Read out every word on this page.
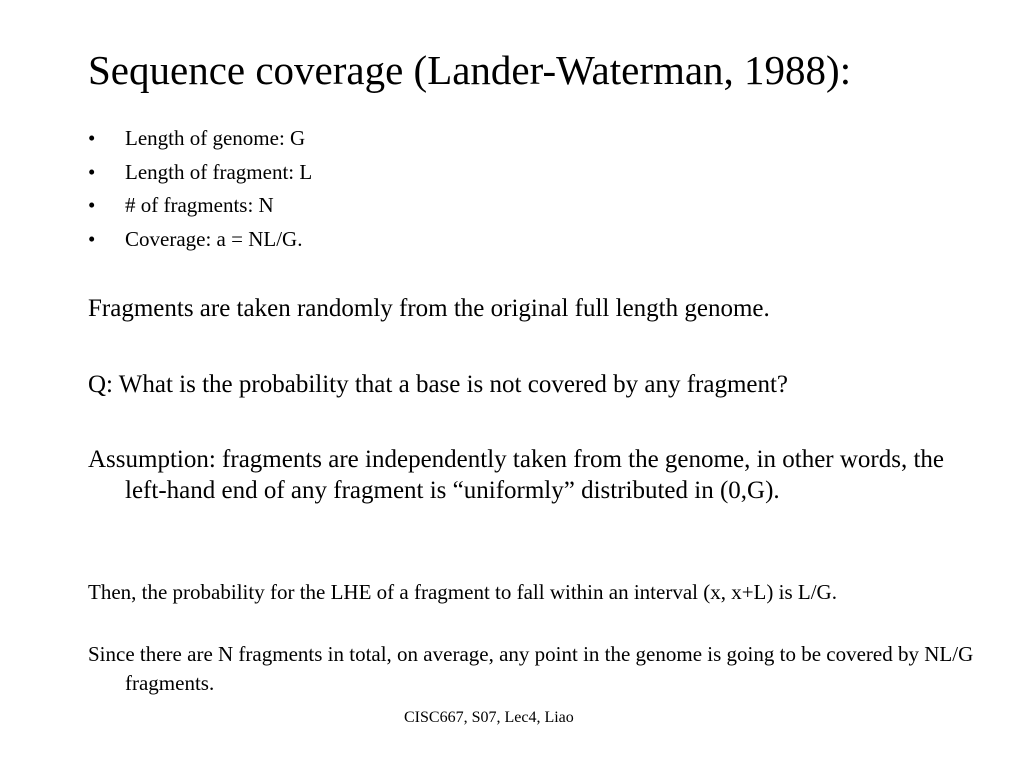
Sequence coverage (Lander-Waterman, 1988):
• Length of genome: G
• Length of fragment: L
• # of fragments: N
• Coverage: a = NL/G.

Fragments are taken randomly from the original full length genome.

Q: What is the probability that a base is not covered by any fragment?

Assumption: fragments are independently taken from the genome, in other words, the left-hand end of any fragment is “uniformly” distributed in (0,G).

Then, the probability for the LHE of a fragment to fall within an interval (x, x+L) is L/G.

Since there are N fragments in total, on average, any point in the genome is going to be covered by NL/G fragments.

CISC667, S07, Lec4, Liao
